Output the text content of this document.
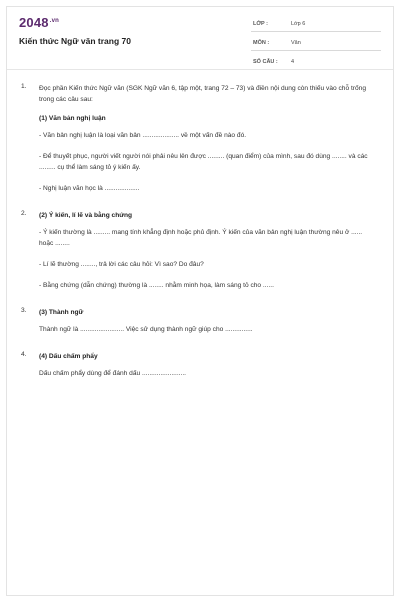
$2048^{.vn}$
Kiến thức Ngữ văn trang 70
LỚP :	Lớp 6
MÔN :	Văn
SỐ CÂU : 4
1. Đọc phần Kiến thức Ngữ văn (SGK Ngữ văn 6, tập một, trang 72 – 73) và điền nội dung còn thiếu vào chỗ trống trong các câu sau:
(1) Văn bản nghị luận
- Văn bản nghị luận là loại văn bản .................... về một vấn đề nào đó.
- Để thuyết phục, người viết người nói phải nêu lên được ......... (quan điểm) của mình, sau đó dùng ........ và các ......... cụ thể làm sáng tỏ ý kiến ấy.
- Nghị luận văn học là ...................
2. (2) Ý kiến, lí lẽ và bằng chứng
- Ý kiến thường là ......... mang tính khẳng định hoặc phủ định. Ý kiến của văn bản nghị luận thường nêu ở ...... hoặc ........
- Lí lẽ thường ........, trả lời các câu hỏi: Vì sao? Do đâu?
- Bằng chứng (dẫn chứng) thường là ........ nhằm minh họa, làm sáng tỏ cho ......
3. (3) Thành ngữ
Thành ngữ là ........................ Việc sử dụng thành ngữ giúp cho ...............
4. (4) Dấu chấm phẩy
Dấu chấm phẩy dùng để đánh dấu ........................
